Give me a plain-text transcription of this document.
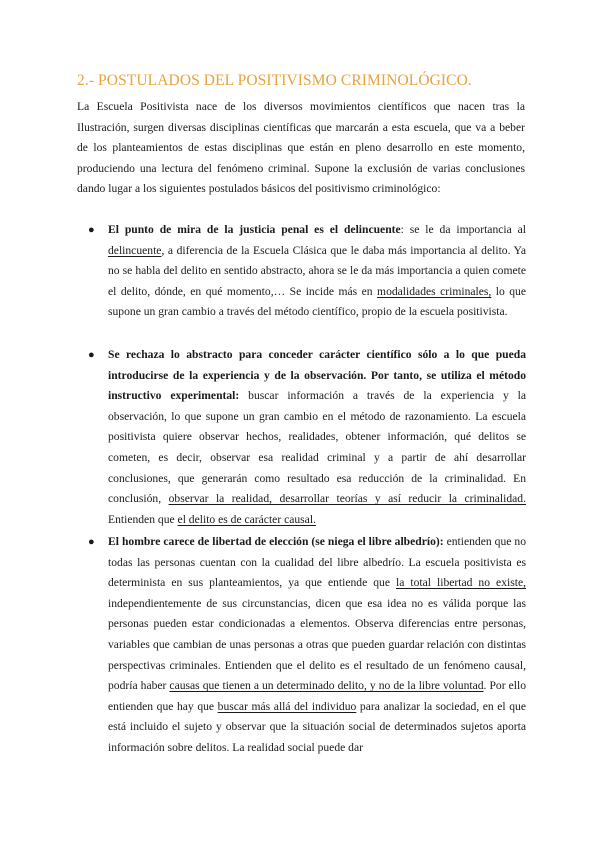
2.- POSTULADOS DEL POSITIVISMO CRIMINOLÓGICO.

La Escuela Positivista nace de los diversos movimientos científicos que nacen tras la Ilustración, surgen diversas disciplinas científicas que marcarán a esta escuela, que va a beber de los planteamientos de estas disciplinas que están en pleno desarrollo en este momento, produciendo una lectura del fenómeno criminal. Supone la exclusión de varias conclusiones dando lugar a los siguientes postulados básicos del positivismo criminológico:

● El punto de mira de la justicia penal es el delincuente: se le da importancia al delincuente, a diferencia de la Escuela Clásica que le daba más importancia al delito. Ya no se habla del delito en sentido abstracto, ahora se le da más importancia a quien comete el delito, dónde, en qué momento,… Se incide más en modalidades criminales, lo que supone un gran cambio a través del método científico, propio de la escuela positivista.
● Se rechaza lo abstracto para conceder carácter científico sólo a lo que pueda introducirse de la experiencia y de la observación. Por tanto, se utiliza el método instructivo experimental: buscar información a través de la experiencia y la observación, lo que supone un gran cambio en el método de razonamiento. La escuela positivista quiere observar hechos, realidades, obtener información, qué delitos se cometen, es decir, observar esa realidad criminal y a partir de ahí desarrollar conclusiones, que generarán como resultado esa reducción de la criminalidad. En conclusión, observar la realidad, desarrollar teorías y así reducir la criminalidad. Entienden que el delito es de carácter causal.
● El hombre carece de libertad de elección (se niega el libre albedrío): entienden que no todas las personas cuentan con la cualidad del libre albedrío. La escuela positivista es determinista en sus planteamientos, ya que entiende que la total libertad no existe, independientemente de sus circunstancias, dicen que esa idea no es válida porque las personas pueden estar condicionadas a elementos. Observa diferencias entre personas, variables que cambian de unas personas a otras que pueden guardar relación con distintas perspectivas criminales. Entienden que el delito es el resultado de un fenómeno causal, podría haber causas que tienen a un determinado delito, y no de la libre voluntad. Por ello entienden que hay que buscar más allá del individuo para analizar la sociedad, en el que está incluido el sujeto y observar que la situación social de determinados sujetos aporta información sobre delitos. La realidad social puede dar
